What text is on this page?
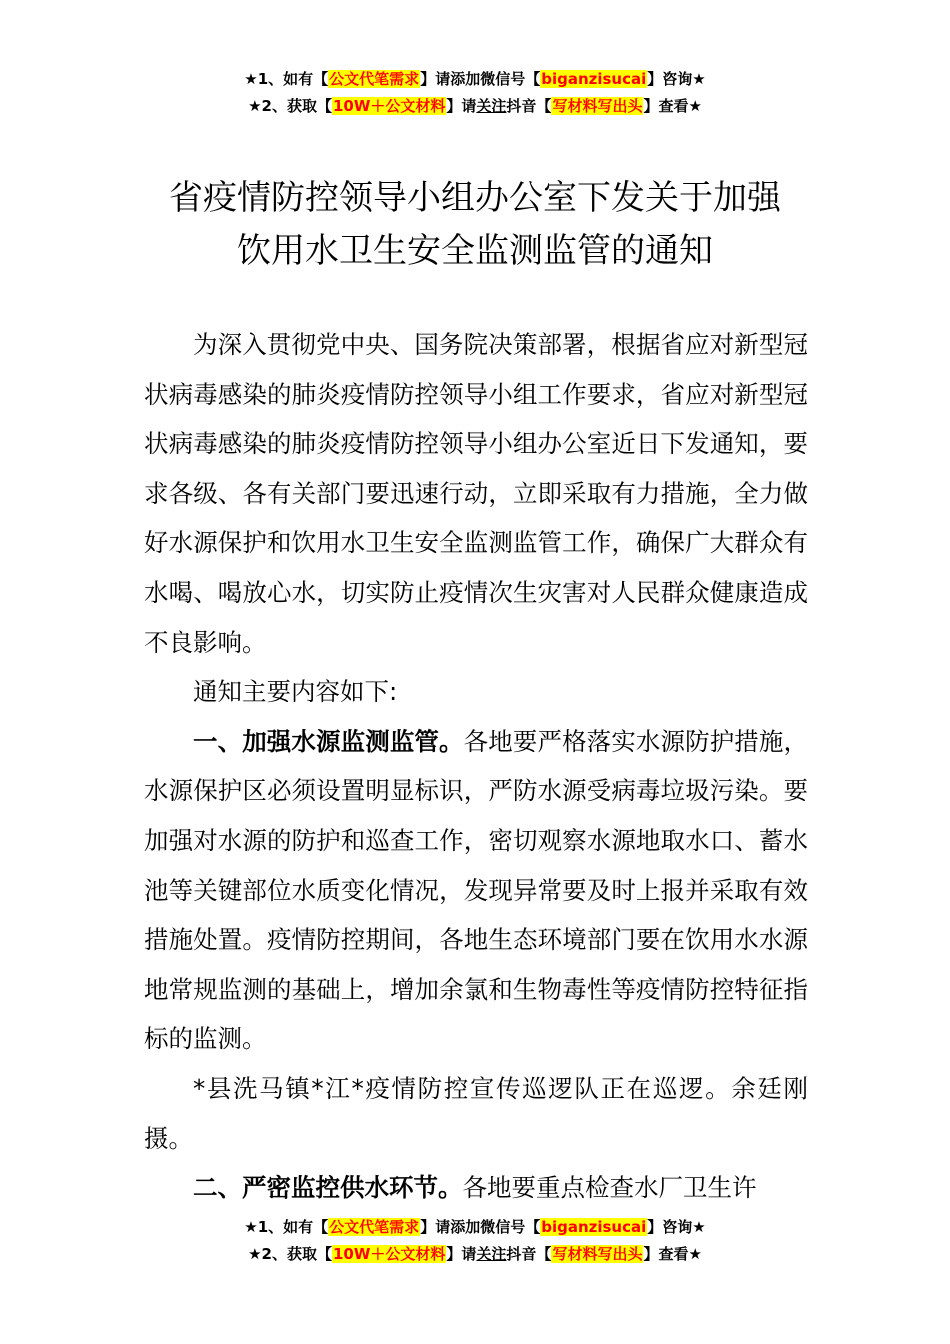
★1、如有【公文代笔需求】请添加微信号【biganzisucai】咨询★
★2、获取【10W＋公文材料】请关注抖音【写材料写出头】查看★
省疫情防控领导小组办公室下发关于加强
饮用水卫生安全监测监管的通知

为深入贯彻党中央、国务院决策部署，根据省应对新型冠状病毒感染的肺炎疫情防控领导小组工作要求，省应对新型冠状病毒感染的肺炎疫情防控领导小组办公室近日下发通知，要求各级、各有关部门要迅速行动，立即采取有力措施，全力做好水源保护和饮用水卫生安全监测监管工作，确保广大群众有水喝、喝放心水，切实防止疫情次生灾害对人民群众健康造成不良影响。

通知主要内容如下:

一、加强水源监测监管。各地要严格落实水源防护措施，水源保护区必须设置明显标识，严防水源受病毒垃圾污染。要加强对水源的防护和巡查工作，密切观察水源地取水口、蓄水池等关键部位水质变化情况，发现异常要及时上报并采取有效措施处置。疫情防控期间，各地生态环境部门要在饮用水水源地常规监测的基础上，增加余氯和生物毒性等疫情防控特征指标的监测。

*县洗马镇*江*疫情防控宣传巡逻队正在巡逻。余廷刚摄。

二、严密监控供水环节。各地要重点检查水厂卫生许

★1、如有【公文代笔需求】请添加微信号【biganzisucai】咨询★
★2、获取【10W＋公文材料】请关注抖音【写材料写出头】查看★
